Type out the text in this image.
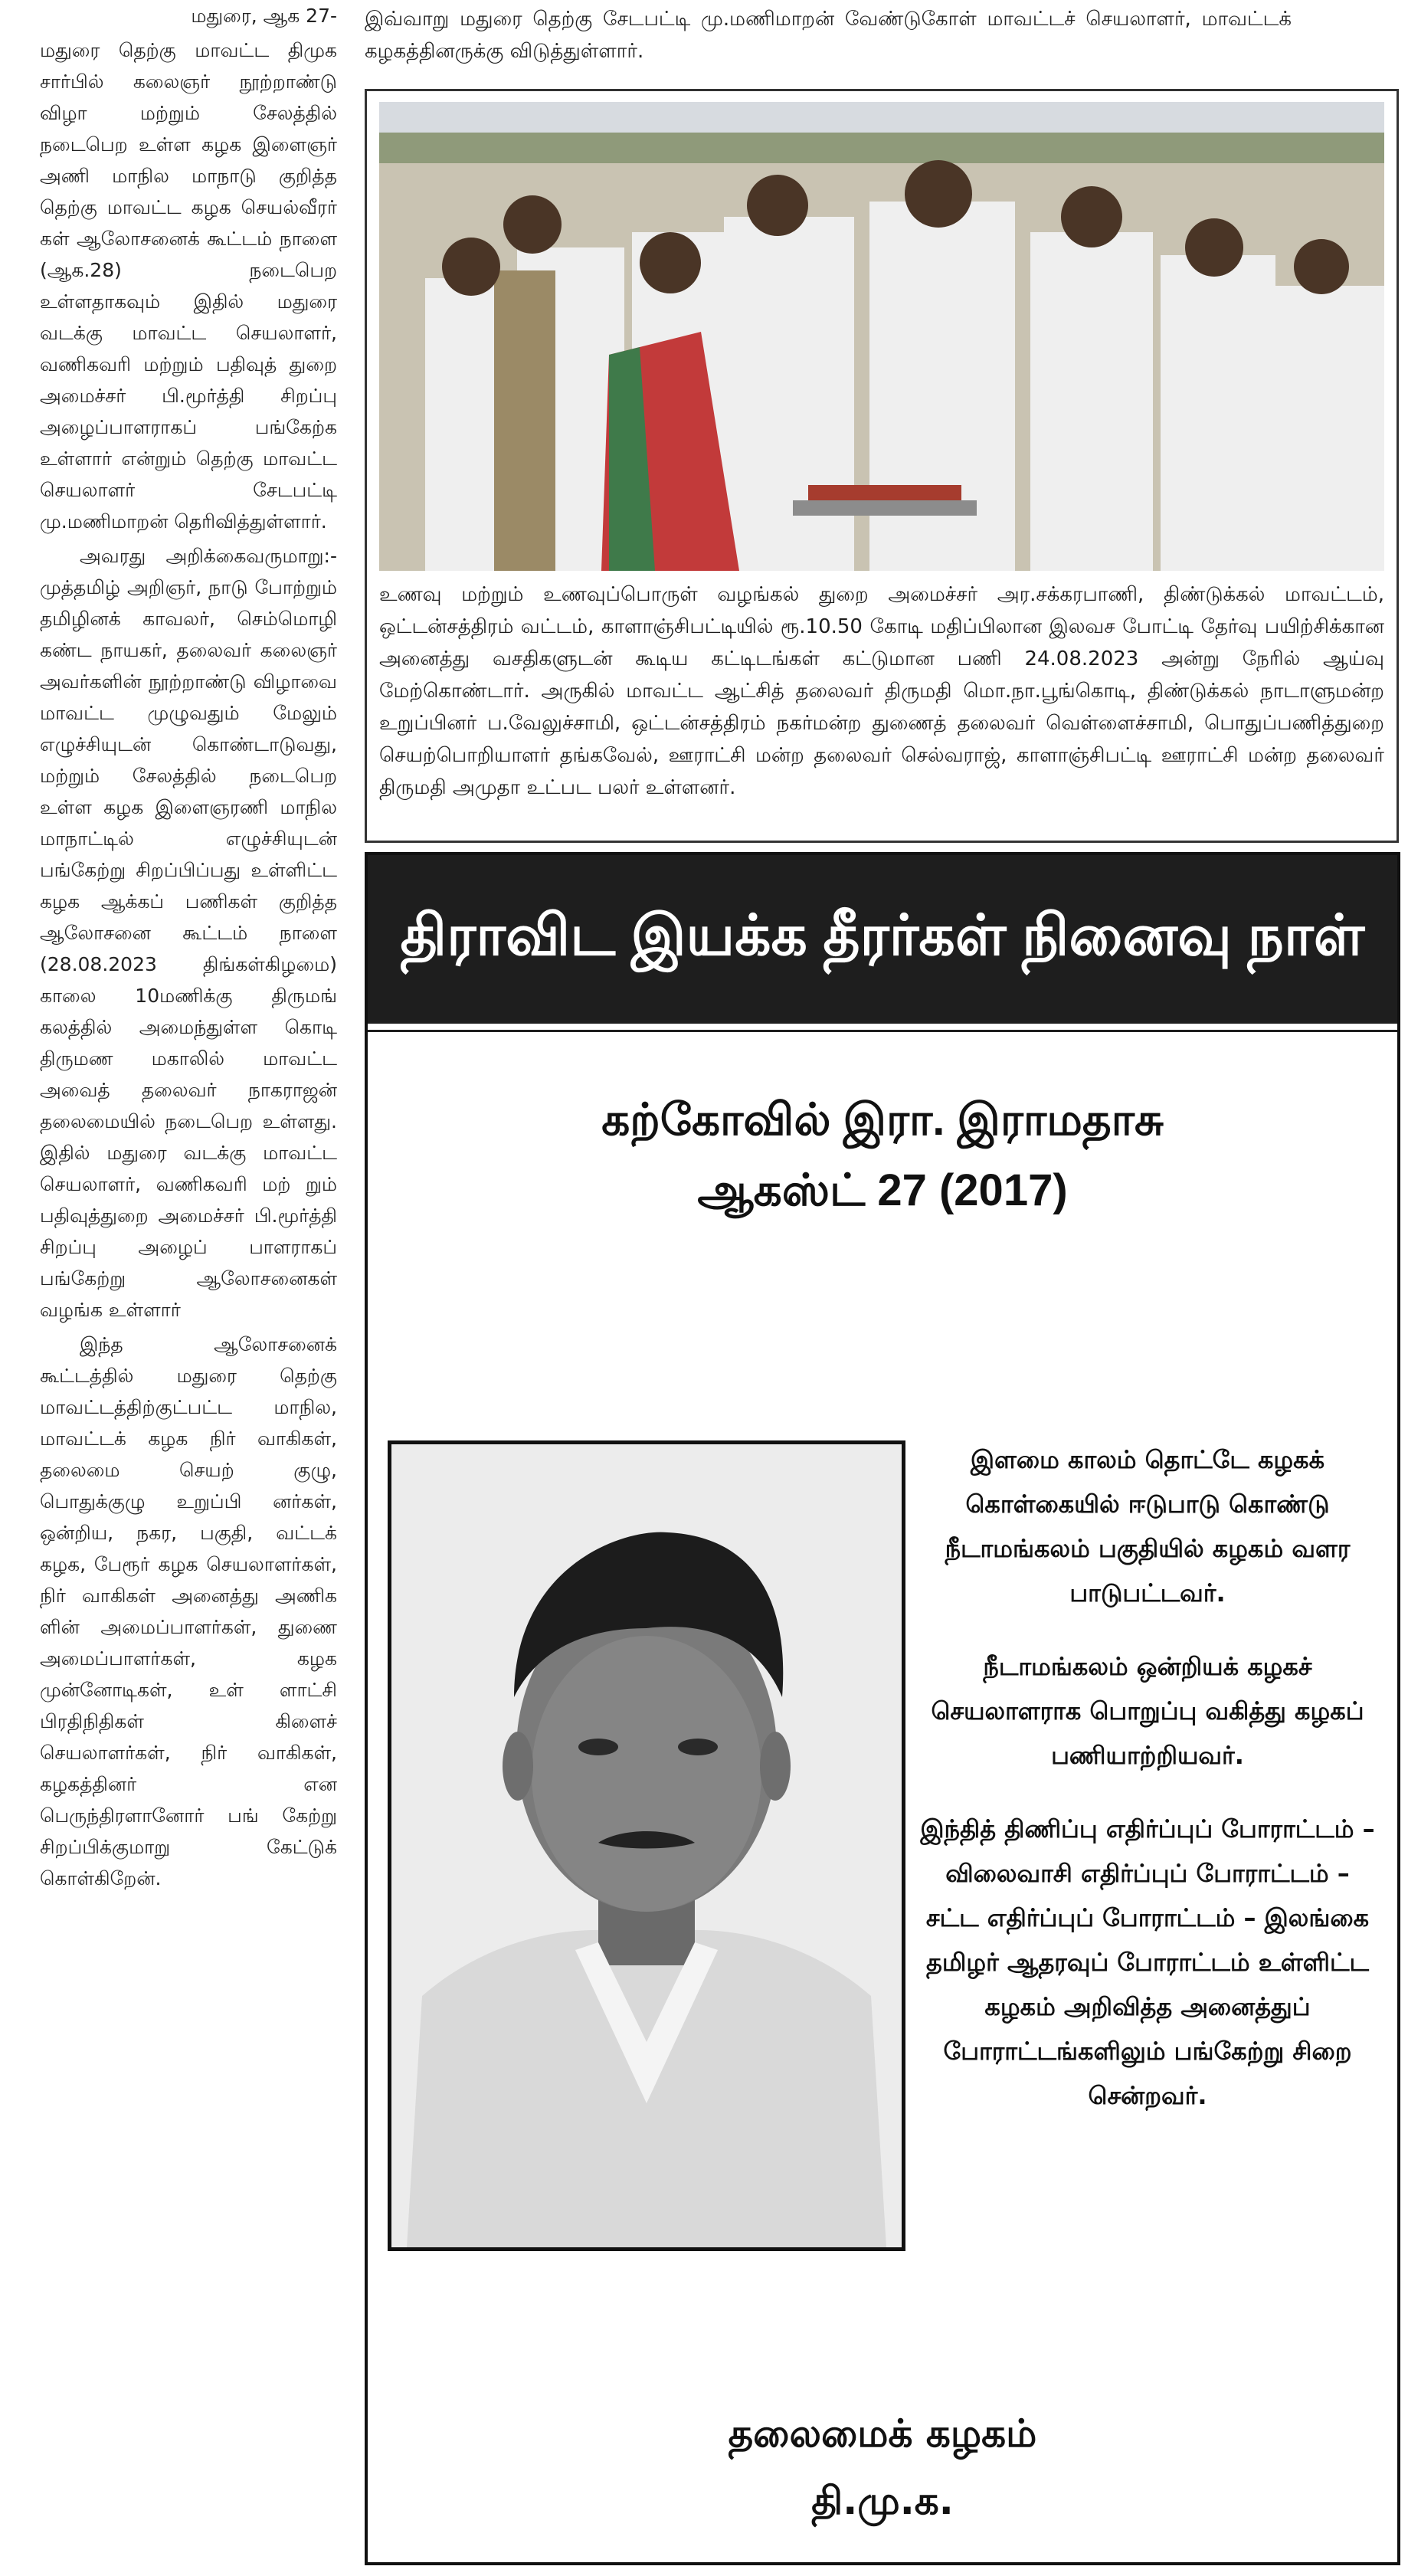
மதுரை, ஆக 27-

மதுரை தெற்கு மாவட்ட திமுக சார்பில் கலைஞர் நூற்றாண்டு விழா மற்றும் சேலத்தில் நடைபெற உள்ள கழக இளைஞர் அணி மாநில மாநாடு குறித்த தெற்கு மாவட்ட கழக செயல்வீரர் கள் ஆலோசனைக் கூட்டம் நாளை (ஆக.28) நடைபெற உள்ளதாகவும் இதில் மதுரை வடக்கு மாவட்ட செயலாளர், வணிகவரி மற்றும் பதிவுத் துறை அமைச்சர் பி.மூர்த்தி சிறப்பு அழைப்பாளராகப் பங்கேற்க உள்ளார் என்றும் தெற்கு மாவட்ட செயலாளர் சேடபட்டி மு.மணிமாறன் தெரிவித்துள்ளார்.

அவரது அறிக்கைவருமாறு:- முத்தமிழ் அறிஞர், நாடு போற்றும் தமிழினக் காவலர், செம்மொழி கண்ட நாயகர், தலைவர் கலைஞர் அவர்களின் நூற்றாண்டு விழாவை மாவட்ட முழுவதும் மேலும் எழுச்சியுடன் கொண்டாடுவது, மற்றும் சேலத்தில் நடைபெற உள்ள கழக இளைஞரணி மாநில மாநாட்டில் எழுச்சியுடன் பங்கேற்று சிறப்பிப்பது உள்ளிட்ட கழக ஆக்கப் பணிகள் குறித்த ஆலோசனை கூட்டம் நாளை (28.08.2023 திங்கள்கிழமை) காலை 10மணிக்கு திருமங் கலத்தில் அமைந்துள்ள கொடி திருமண மகாலில் மாவட்ட அவைத் தலைவர் நாகராஜன் தலைமையில் நடைபெற உள்ளது. இதில் மதுரை வடக்கு மாவட்ட செயலாளர், வணிகவரி மற் றும் பதிவுத்துறை அமைச்சர் பி.மூர்த்தி சிறப்பு அழைப் பாளராகப் பங்கேற்று ஆலோசனைகள் வழங்க உள்ளார்

இந்த ஆலோசனைக் கூட்டத்தில் மதுரை தெற்கு மாவட்டத்திற்குட்பட்ட மாநில, மாவட்டக் கழக நிர் வாகிகள், தலைமை செயற் குழு, பொதுக்குழு உறுப்பி னர்கள், ஒன்றிய, நகர, பகுதி, வட்டக் கழக, பேரூர் கழக செயலாளர்கள், நிர் வாகிகள் அனைத்து அணிக ளின் அமைப்பாளர்கள், துணை அமைப்பாளர்கள், கழக முன்னோடிகள், உள் ளாட்சி பிரதிநிதிகள் கிளைச் செயலாளர்கள், நிர் வாகிகள், கழகத்தினர் என பெருந்திரளானோர் பங் கேற்று சிறப்பிக்குமாறு கேட்டுக் கொள்கிறேன்.

இவ்வாறு மதுரை தெற்கு சேடபட்டி மு.மணிமாறன் வேண்டுகோள் மாவட்டச் செயலாளர், மாவட்டக் கழகத்தினருக்கு விடுத்துள்ளார்.
உணவு மற்றும் உணவுப்பொருள் வழங்கல் துறை அமைச்சர் அர.சக்கரபாணி, திண்டுக்கல் மாவட்டம், ஒட்டன்சத்திரம் வட்டம், காளாஞ்சிபட்டியில் ரூ.10.50 கோடி மதிப்பிலான இலவச போட்டி தேர்வு பயிற்சிக்கான அனைத்து வசதிகளுடன் கூடிய கட்டிடங்கள் கட்டுமான பணி 24.08.2023 அன்று நேரில் ஆய்வு மேற்கொண்டார். அருகில் மாவட்ட ஆட்சித் தலைவர் திருமதி மொ.நா.பூங்கொடி, திண்டுக்கல் நாடாளுமன்ற உறுப்பினர் ப.வேலுச்சாமி, ஒட்டன்சத்திரம் நகர்மன்ற துணைத் தலைவர் வெள்ளைச்சாமி, பொதுப்பணித்துறை செயற்பொறியாளர் தங்கவேல், ஊராட்சி மன்ற தலைவர் செல்வராஜ், காளாஞ்சிபட்டி ஊராட்சி மன்ற தலைவர் திருமதி அமுதா உட்பட பலர் உள்ளனர்.
திராவிட இயக்க தீரர்கள் நினைவு நாள்
கற்கோவில் இரா. இராமதாசு
ஆகஸ்ட் 27 (2017)

இளமை காலம் தொட்டே கழகக் கொள்கையில் ஈடுபாடு கொண்டு நீடாமங்கலம் பகுதியில் கழகம் வளர பாடுபட்டவர்.

நீடாமங்கலம் ஒன்றியக் கழகச் செயலாளராக பொறுப்பு வகித்து கழகப் பணியாற்றியவர்.

இந்தித் திணிப்பு எதிர்ப்புப் போராட்டம் – விலைவாசி எதிர்ப்புப் போராட்டம் – சட்ட எதிர்ப்புப் போராட்டம் – இலங்கை தமிழர் ஆதரவுப் போராட்டம் உள்ளிட்ட கழகம் அறிவித்த அனைத்துப் போராட்டங்களிலும் பங்கேற்று சிறை சென்றவர்.

தலைமைக் கழகம்
தி.மு.க.
